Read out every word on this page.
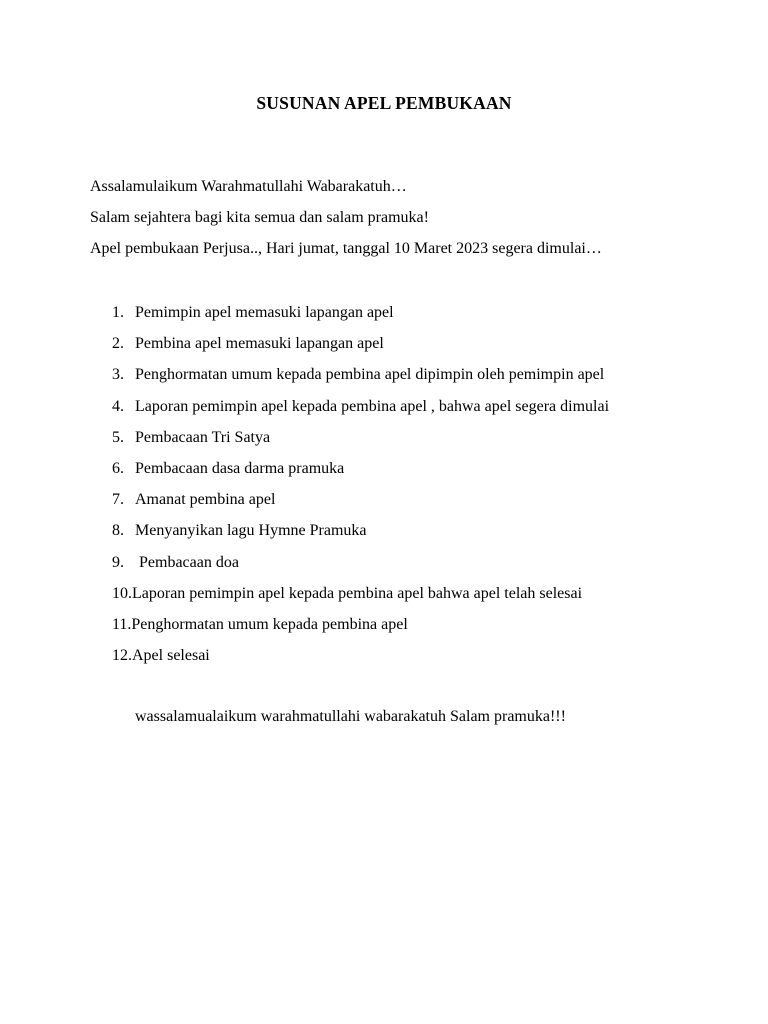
SUSUNAN APEL PEMBUKAAN
Assalamulaikum Warahmatullahi Wabarakatuh…
Salam sejahtera bagi kita semua dan salam pramuka!
Apel pembukaan Perjusa.., Hari jumat, tanggal 10 Maret 2023 segera dimulai…
1. Pemimpin apel memasuki lapangan apel
2. Pembina apel memasuki lapangan apel
3. Penghormatan umum kepada pembina apel dipimpin oleh pemimpin apel
4. Laporan pemimpin apel kepada pembina apel , bahwa apel segera dimulai
5. Pembacaan Tri Satya
6. Pembacaan dasa darma pramuka
7. Amanat pembina apel
8. Menyanyikan lagu Hymne Pramuka
9. Pembacaan doa
10.Laporan pemimpin apel kepada pembina apel bahwa apel telah selesai
11.Penghormatan umum kepada pembina apel
12.Apel selesai
wassalamualaikum warahmatullahi wabarakatuh Salam pramuka!!!
